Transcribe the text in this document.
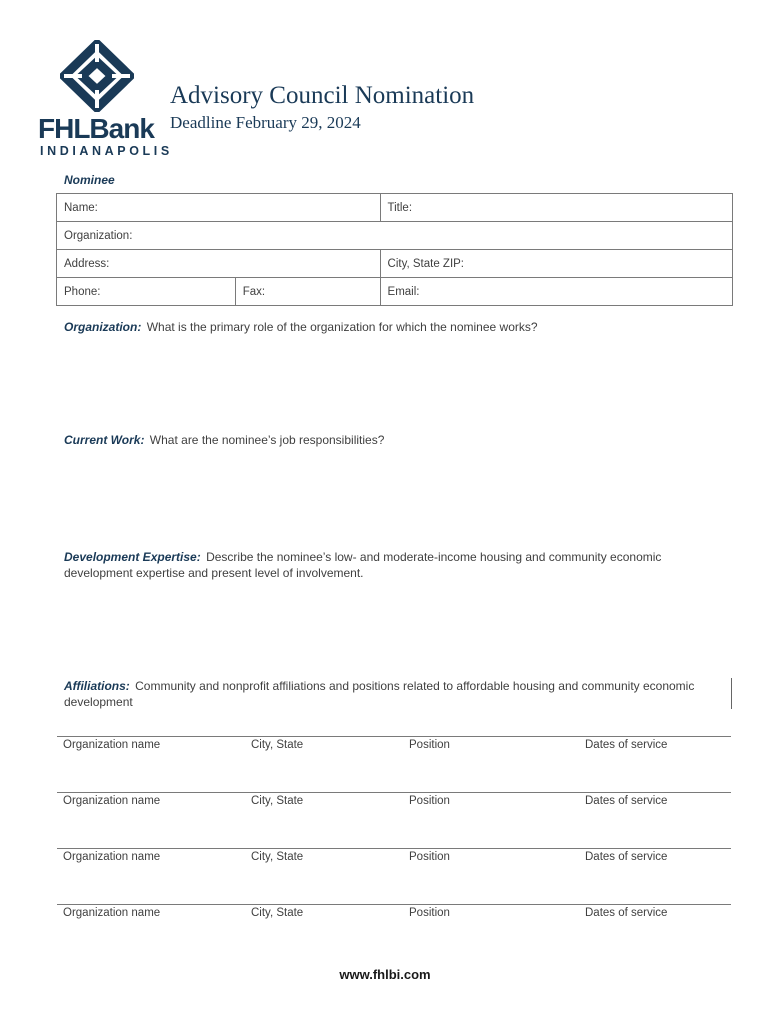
FHLBank
INDIANAPOLIS
Advisory Council Nomination
Deadline February 29, 2024
Nominee
Name:		Title:
Organization:		
Address:		City, State ZIP:
Phone:	Fax:	Email:
Organization: What is the primary role of the organization for which the nominee works?
Current Work: What are the nominee’s job responsibilities?
Development Expertise: Describe the nominee’s low- and moderate-income housing and community economic development expertise and present level of involvement.
Affiliations: Community and nonprofit affiliations and positions related to affordable housing and community economic development
Organization name	City, State	Position	Dates of service
Organization name	City, State	Position	Dates of service
Organization name	City, State	Position	Dates of service
Organization name	City, State	Position	Dates of service
www.fhlbi.com
